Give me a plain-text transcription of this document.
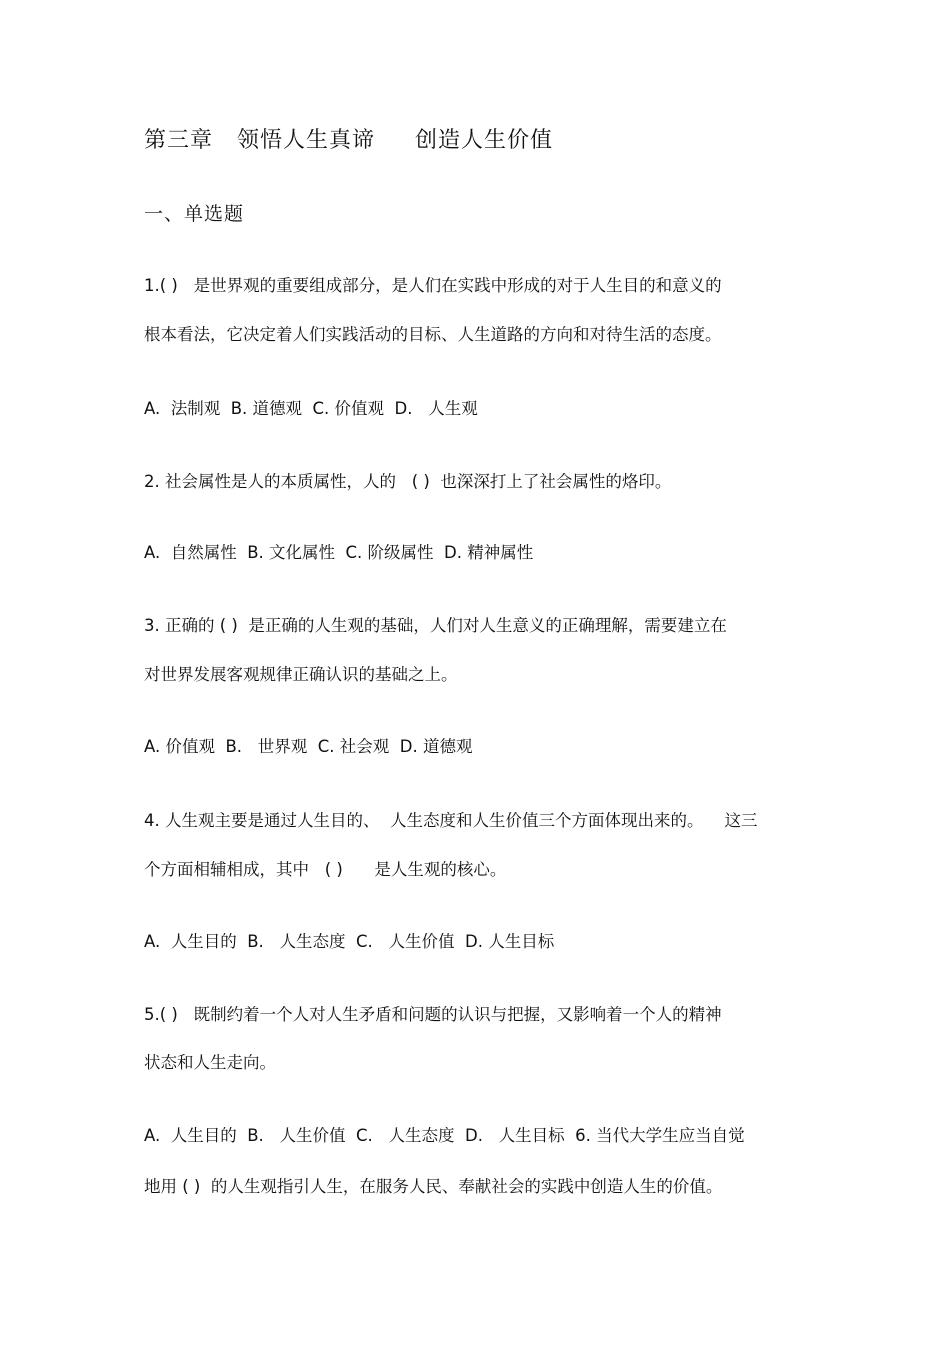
第三章   领悟人生真谛     创造人生价值
一、单选题
1.( )   是世界观的重要组成部分，是人们在实践中形成的对于人生目的和意义的
根本看法，它决定着人们实践活动的目标、人生道路的方向和对待生活的态度。
A.  法制观  B. 道德观  C. 价值观  D.   人生观
2. 社会属性是人的本质属性，人的   ( )  也深深打上了社会属性的烙印。
A.  自然属性  B. 文化属性  C. 阶级属性  D. 精神属性
3. 正确的 ( )  是正确的人生观的基础，人们对人生意义的正确理解，需要建立在
对世界发展客观规律正确认识的基础之上。
A. 价值观  B.   世界观  C. 社会观  D. 道德观
4. 人生观主要是通过人生目的、  人生态度和人生价值三个方面体现出来的。    这三
个方面相辅相成，其中   ( )      是人生观的核心。
A.  人生目的  B.   人生态度  C.   人生价值  D. 人生目标
5.( )   既制约着一个人对人生矛盾和问题的认识与把握，又影响着一个人的精神
状态和人生走向。
A.  人生目的  B.   人生价值  C.   人生态度  D.   人生目标  6. 当代大学生应当自觉
地用 ( )  的人生观指引人生，在服务人民、奉献社会的实践中创造人生的价值。
